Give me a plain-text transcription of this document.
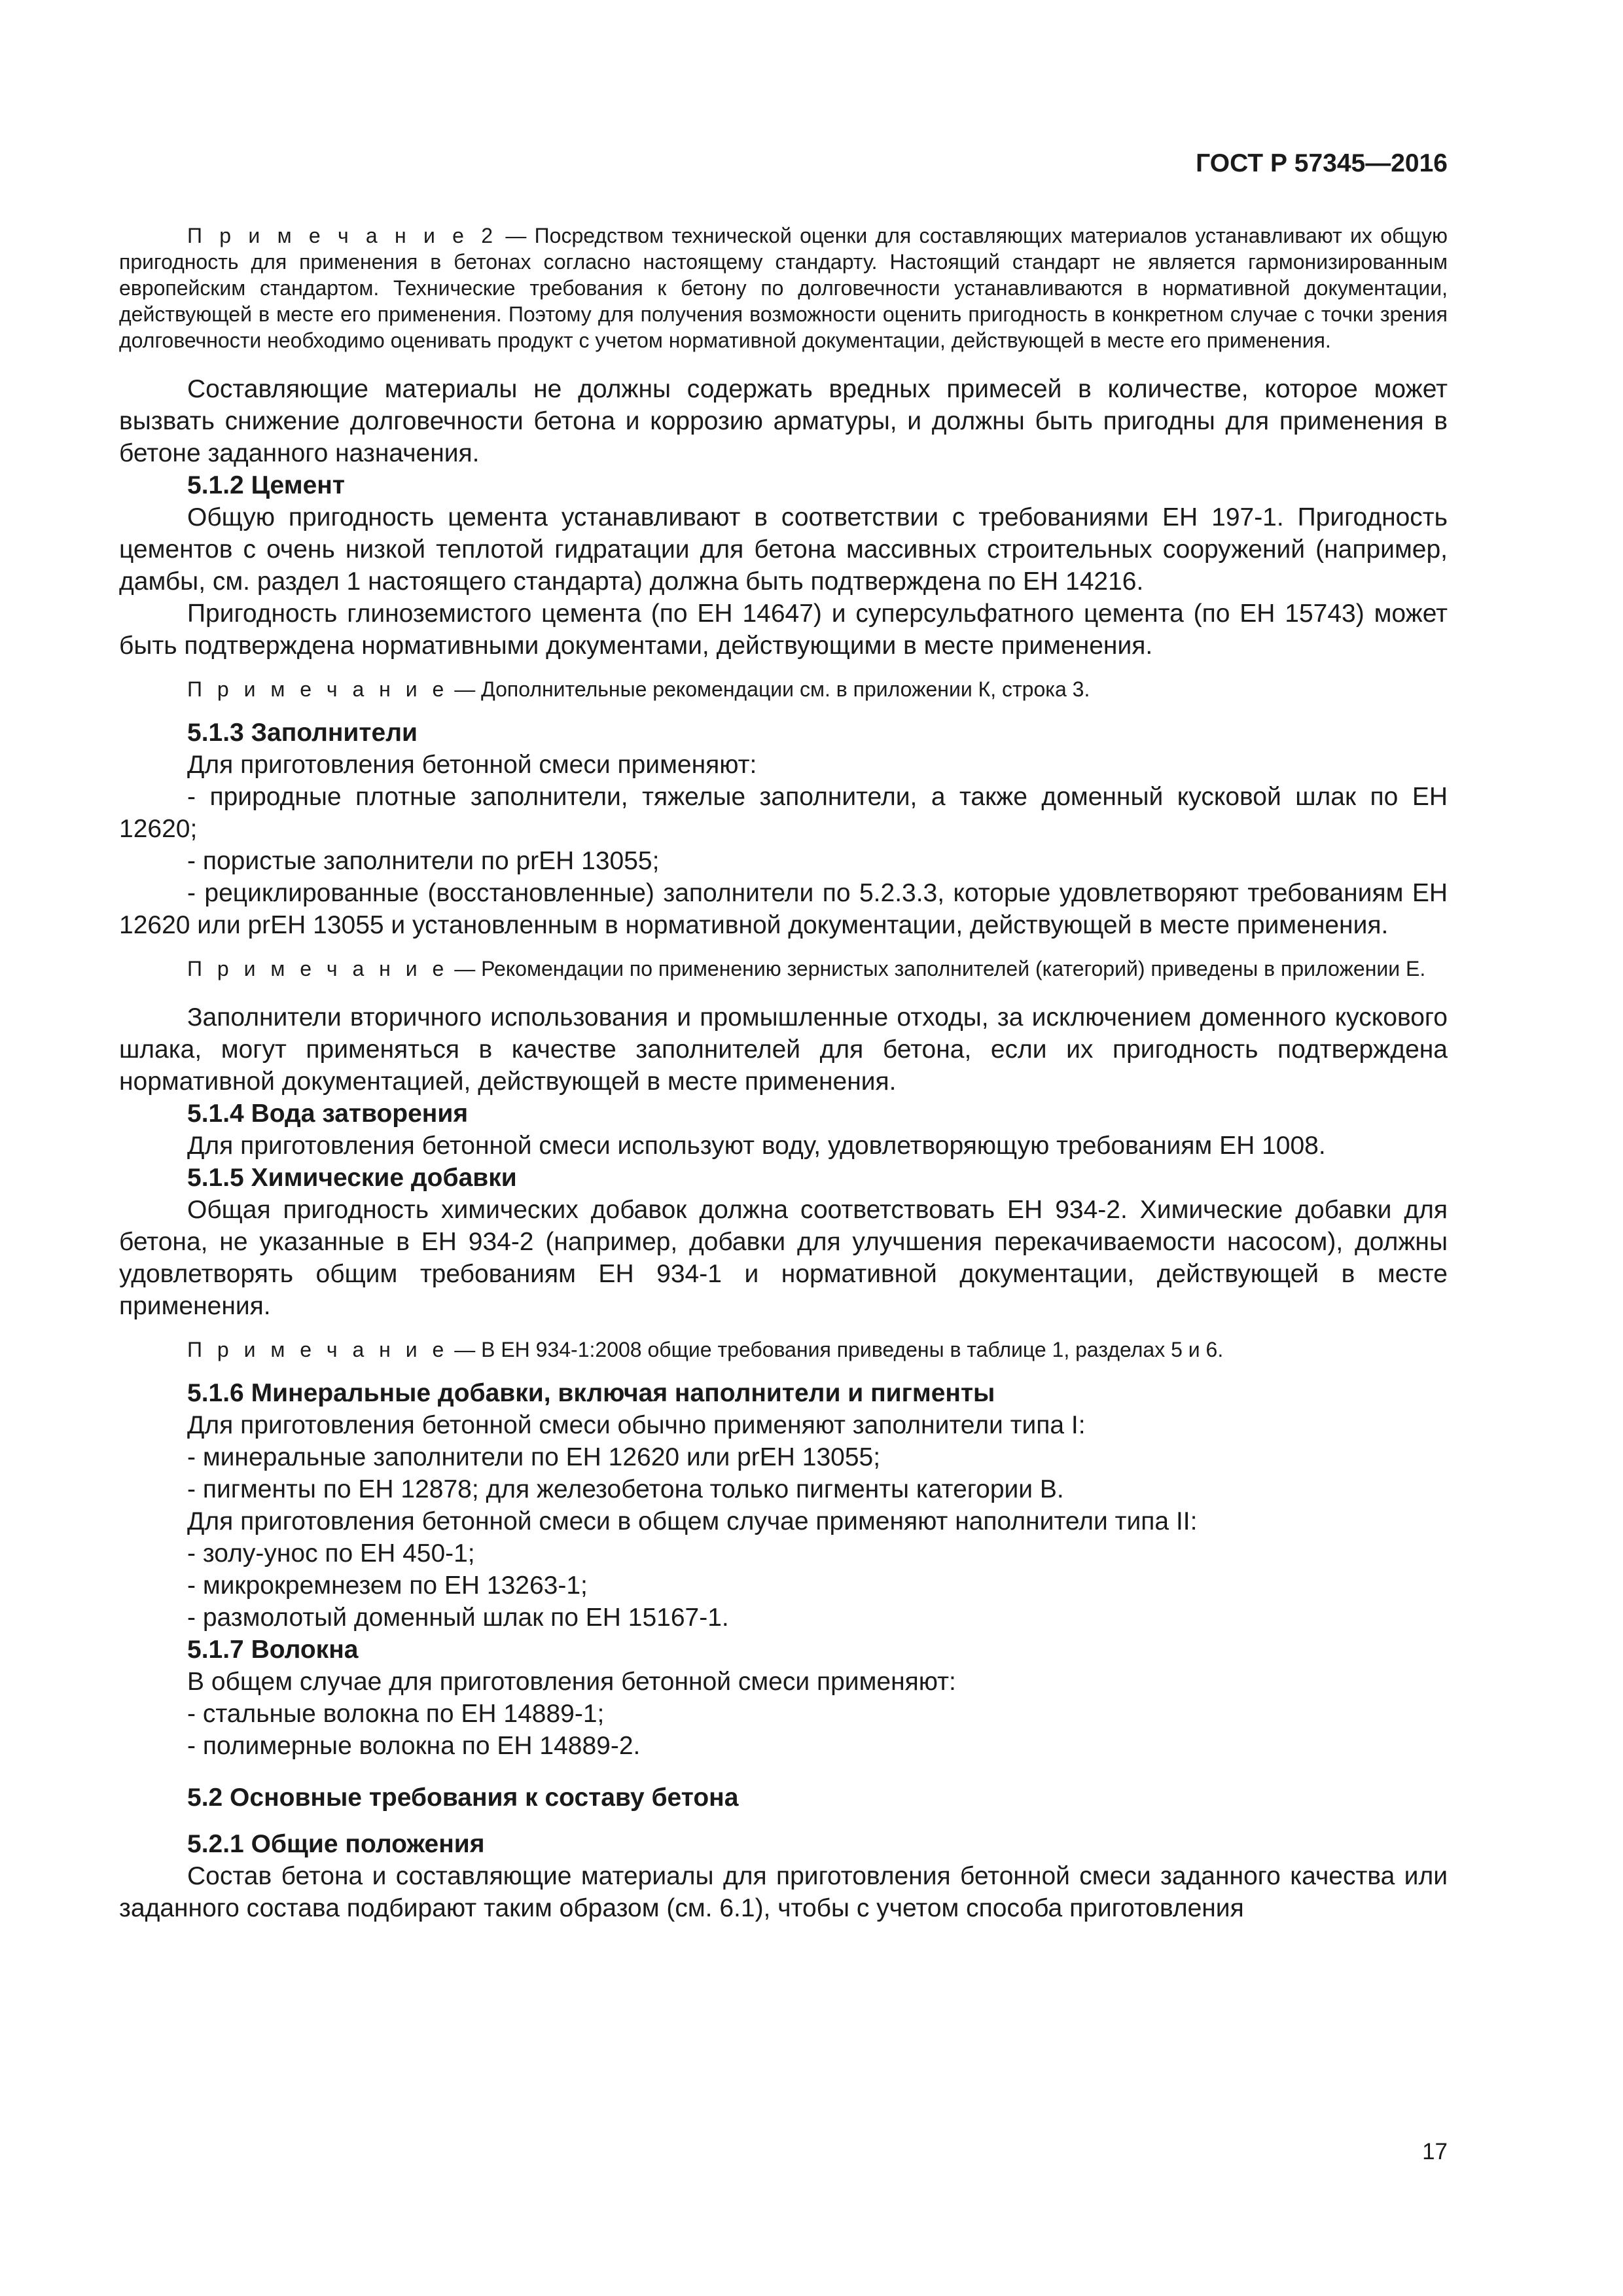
ГОСТ Р 57345—2016

П р и м е ч а н и е 2 — Посредством технической оценки для составляющих материалов устанавливают их общую пригодность для применения в бетонах согласно настоящему стандарту. Настоящий стандарт не является гармонизированным европейским стандартом. Технические требования к бетону по долговечности устанавливаются в нормативной документации, действующей в месте его применения. Поэтому для получения возможности оценить пригодность в конкретном случае с точки зрения долговечности необходимо оценивать продукт с учетом нормативной документации, действующей в месте его применения.

Составляющие материалы не должны содержать вредных примесей в количестве, которое может вызвать снижение долговечности бетона и коррозию арматуры, и должны быть пригодны для применения в бетоне заданного назначения.

5.1.2 Цемент

Общую пригодность цемента устанавливают в соответствии с требованиями ЕН 197-1. Пригодность цементов с очень низкой теплотой гидратации для бетона массивных строительных сооружений (например, дамбы, см. раздел 1 настоящего стандарта) должна быть подтверждена по ЕН 14216.

Пригодность глиноземистого цемента (по ЕН 14647) и суперсульфатного цемента (по ЕН 15743) может быть подтверждена нормативными документами, действующими в месте применения.

П р и м е ч а н и е — Дополнительные рекомендации см. в приложении К, строка 3.

5.1.3 Заполнители

Для приготовления бетонной смеси применяют:

- природные плотные заполнители, тяжелые заполнители, а также доменный кусковой шлак по ЕН 12620;

- пористые заполнители по prЕН 13055;

- рециклированные (восстановленные) заполнители по 5.2.3.3, которые удовлетворяют требованиям ЕН 12620 или prЕН 13055 и установленным в нормативной документации, действующей в месте применения.

П р и м е ч а н и е — Рекомендации по применению зернистых заполнителей (категорий) приведены в приложении Е.

Заполнители вторичного использования и промышленные отходы, за исключением доменного кускового шлака, могут применяться в качестве заполнителей для бетона, если их пригодность подтверждена нормативной документацией, действующей в месте применения.

5.1.4 Вода затворения

Для приготовления бетонной смеси используют воду, удовлетворяющую требованиям ЕН 1008.

5.1.5 Химические добавки

Общая пригодность химических добавок должна соответствовать ЕН 934-2. Химические добавки для бетона, не указанные в ЕН 934-2 (например, добавки для улучшения перекачиваемости насосом), должны удовлетворять общим требованиям ЕН 934-1 и нормативной документации, действующей в месте применения.

П р и м е ч а н и е — В ЕН 934-1:2008 общие требования приведены в таблице 1, разделах 5 и 6.

5.1.6 Минеральные добавки, включая наполнители и пигменты

Для приготовления бетонной смеси обычно применяют заполнители типа I:

- минеральные заполнители по ЕН 12620 или prЕН 13055;

- пигменты по ЕН 12878; для железобетона только пигменты категории В.

Для приготовления бетонной смеси в общем случае применяют наполнители типа II:

- золу-унос по ЕН 450-1;

- микрокремнезем по ЕН 13263-1;

- размолотый доменный шлак по ЕН 15167-1.

5.1.7 Волокна

В общем случае для приготовления бетонной смеси применяют:

- стальные волокна по ЕН 14889-1;

- полимерные волокна по ЕН 14889-2.

5.2 Основные требования к составу бетона

5.2.1 Общие положения

Состав бетона и составляющие материалы для приготовления бетонной смеси заданного качества или заданного состава подбирают таким образом (см. 6.1), чтобы с учетом способа приготовления

17
